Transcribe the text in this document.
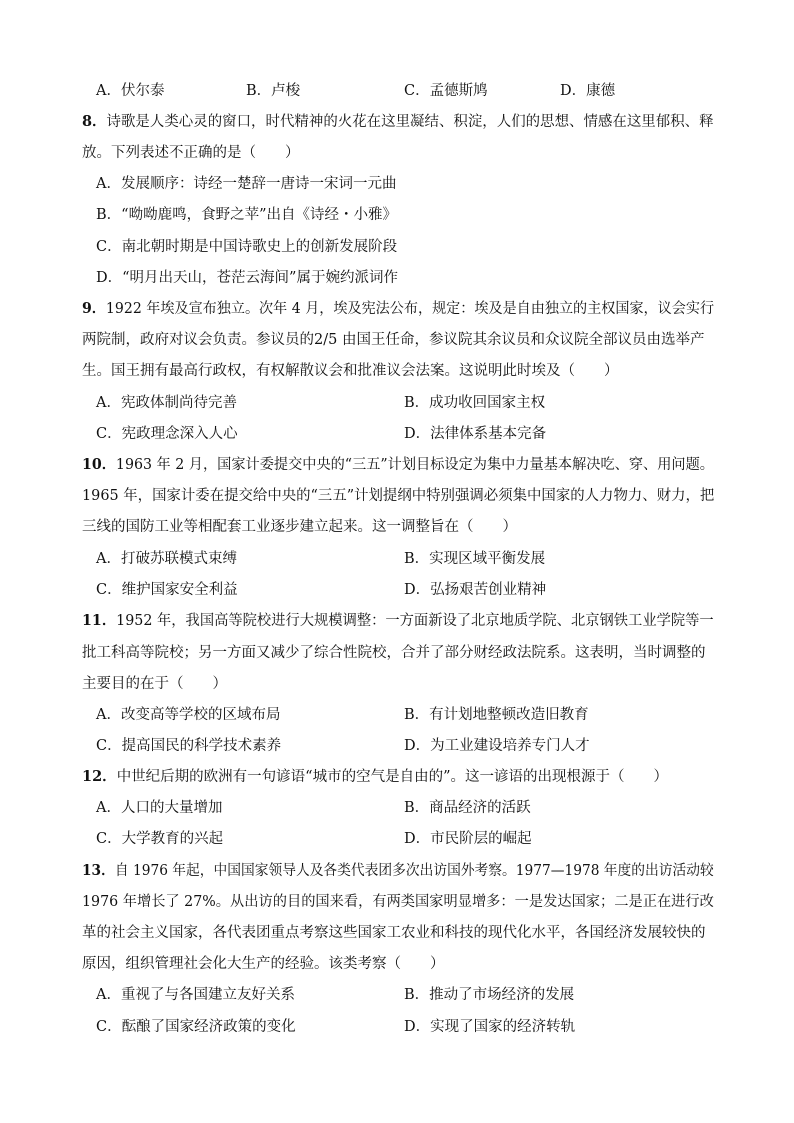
A．伏尔泰	B．卢梭	C．孟德斯鸠	D．康德
8．诗歌是人类心灵的窗口，时代精神的火花在这里凝结、积淀，人们的思想、情感在这里郁积、释
放。下列表述不正确的是（　　）
A．发展顺序：诗经一楚辞一唐诗一宋词一元曲
B．“呦呦鹿鸣，食野之苹”出自《诗经・小雅》
C．南北朝时期是中国诗歌史上的创新发展阶段
D．“明月出天山，苍茫云海间”属于婉约派词作
9．1922 年埃及宣布独立。次年 4 月，埃及宪法公布，规定：埃及是自由独立的主权国家，议会实行
两院制，政府对议会负责。参议员的2/5 由国王任命，参议院其余议员和众议院全部议员由选举产
生。国王拥有最高行政权，有权解散议会和批准议会法案。这说明此时埃及（　　）
A．宪政体制尚待完善	B．成功收回国家主权
C．宪政理念深入人心	D．法律体系基本完备
10．1963 年 2 月，国家计委提交中央的“三五”计划目标设定为集中力量基本解决吃、穿、用问题。
1965 年，国家计委在提交给中央的“三五”计划提纲中特别强调必须集中国家的人力物力、财力，把
三线的国防工业等相配套工业逐步建立起来。这一调整旨在（　　）
A．打破苏联模式束缚	B．实现区域平衡发展
C．维护国家安全利益	D．弘扬艰苦创业精神
11．1952 年，我国高等院校进行大规模调整：一方面新设了北京地质学院、北京钢铁工业学院等一
批工科高等院校；另一方面又减少了综合性院校，合并了部分财经政法院系。这表明，当时调整的
主要目的在于（　　）
A．改变高等学校的区域布局	B．有计划地整顿改造旧教育
C．提高国民的科学技术素养	D．为工业建设培养专门人才
12．中世纪后期的欧洲有一句谚语“城市的空气是自由的”。这一谚语的出现根源于（　　）
A．人口的大量增加	B．商品经济的活跃
C．大学教育的兴起	D．市民阶层的崛起
13．自 1976 年起，中国国家领导人及各类代表团多次出访国外考察。1977—1978 年度的出访活动较
1976 年增长了 27%。从出访的目的国来看，有两类国家明显增多：一是发达国家；二是正在进行改
革的社会主义国家，各代表团重点考察这些国家工农业和科技的现代化水平，各国经济发展较快的
原因，组织管理社会化大生产的经验。该类考察（　　）
A．重视了与各国建立友好关系	B．推动了市场经济的发展
C．酝酿了国家经济政策的变化	D．实现了国家的经济转轨
